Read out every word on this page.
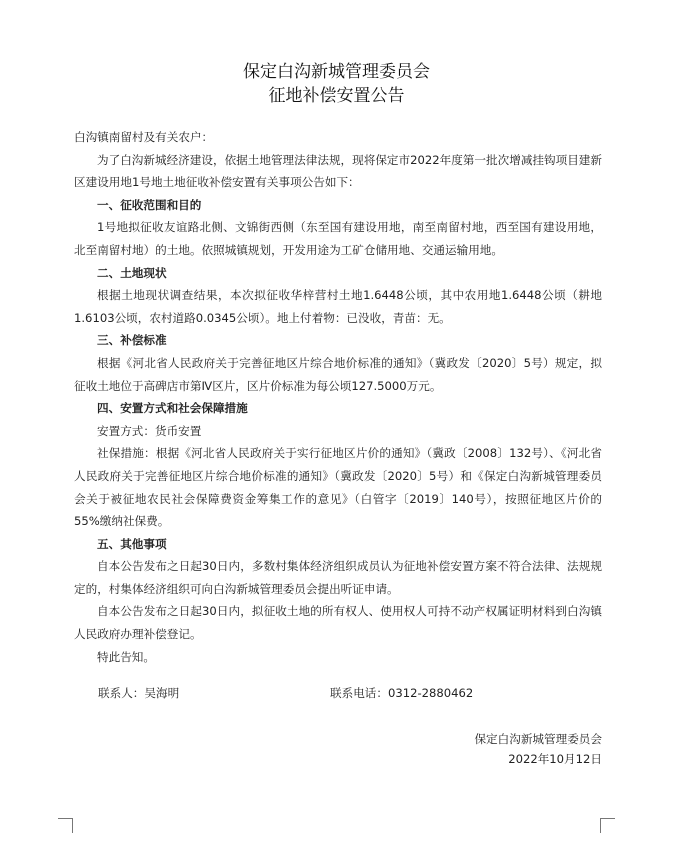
保定白沟新城管理委员会
征地补偿安置公告

白沟镇南留村及有关农户：

为了白沟新城经济建设，依据土地管理法律法规，现将保定市2022年度第一批次增减挂钩项目建新区建设用地1号地土地征收补偿安置有关事项公告如下：

一、征收范围和目的

1号地拟征收友谊路北侧、文锦街西侧（东至国有建设用地，南至南留村地，西至国有建设用地，北至南留村地）的土地。依照城镇规划，开发用途为工矿仓储用地、交通运输用地。

二、土地现状

根据土地现状调查结果，本次拟征收华梓营村土地1.6448公顷，其中农用地1.6448公顷（耕地1.6103公顷，农村道路0.0345公顷）。地上付着物：已没收，青苗：无。

三、补偿标准

根据《河北省人民政府关于完善征地区片综合地价标准的通知》（冀政发〔2020〕5号）规定，拟征收土地位于高碑店市第Ⅳ区片，区片价标准为每公顷127.5000万元。

四、安置方式和社会保障措施

安置方式：货币安置

社保措施：根据《河北省人民政府关于实行征地区片价的通知》（冀政〔2008〕132号）、《河北省人民政府关于完善征地区片综合地价标准的通知》（冀政发〔2020〕5号）和《保定白沟新城管理委员会关于被征地农民社会保障费资金筹集工作的意见》（白管字〔2019〕140号），按照征地区片价的55%缴纳社保费。

五、其他事项

自本公告发布之日起30日内，多数村集体经济组织成员认为征地补偿安置方案不符合法律、法规规定的，村集体经济组织可向白沟新城管理委员会提出听证申请。

自本公告发布之日起30日内，拟征收土地的所有权人、使用权人可持不动产权属证明材料到白沟镇人民政府办理补偿登记。

特此告知。

联系人：吴海明	联系电话：0312-2880462
保定白沟新城管理委员会
2022年10月12日
